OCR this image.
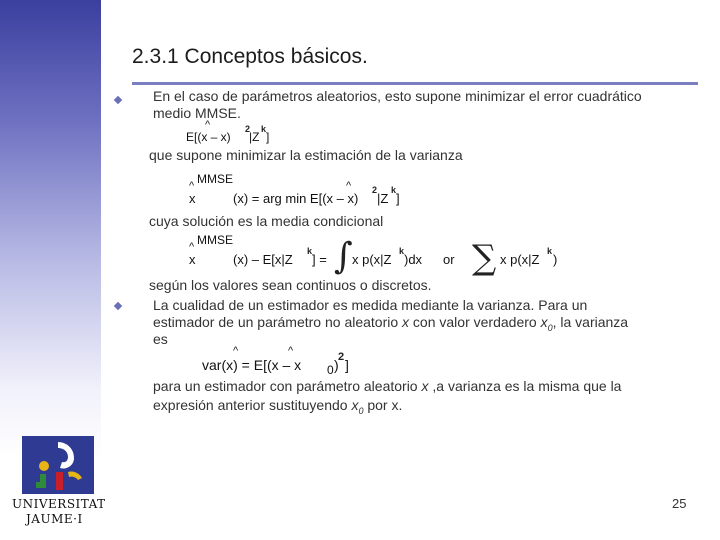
2.3.1 Conceptos básicos.
En el caso de parámetros aleatorios, esto supone minimizar el error cuadrático
medio MMSE.
^
E[(x – x)
2
|Z
k
]
que supone minimizar la estimación de la varianza
MMSE
^
x
^
(x) = arg min E[(x – x)
2
|Z
k
]
cuya solución es la media condicional
MMSE
^
x	(x) – E[x|Z
k
] = ∫ x p(x|Z
k
)dx or ∑ x p(x|Z
k
)
según los valores sean continuos o discretos.
La cualidad de un estimador es medida mediante la varianza. Para un
estimador de un parámetro no aleatorio x con valor verdadero $x_0$, la varianza
es
^	^
var(x) = E[(x – x 0 ) 2 ]
para un estimador con parámetro aleatorio x ,a varianza es la misma que la
expresión anterior sustituyendo $x_0$ por x.
UNIVERSITAT
JAUME·I
25
